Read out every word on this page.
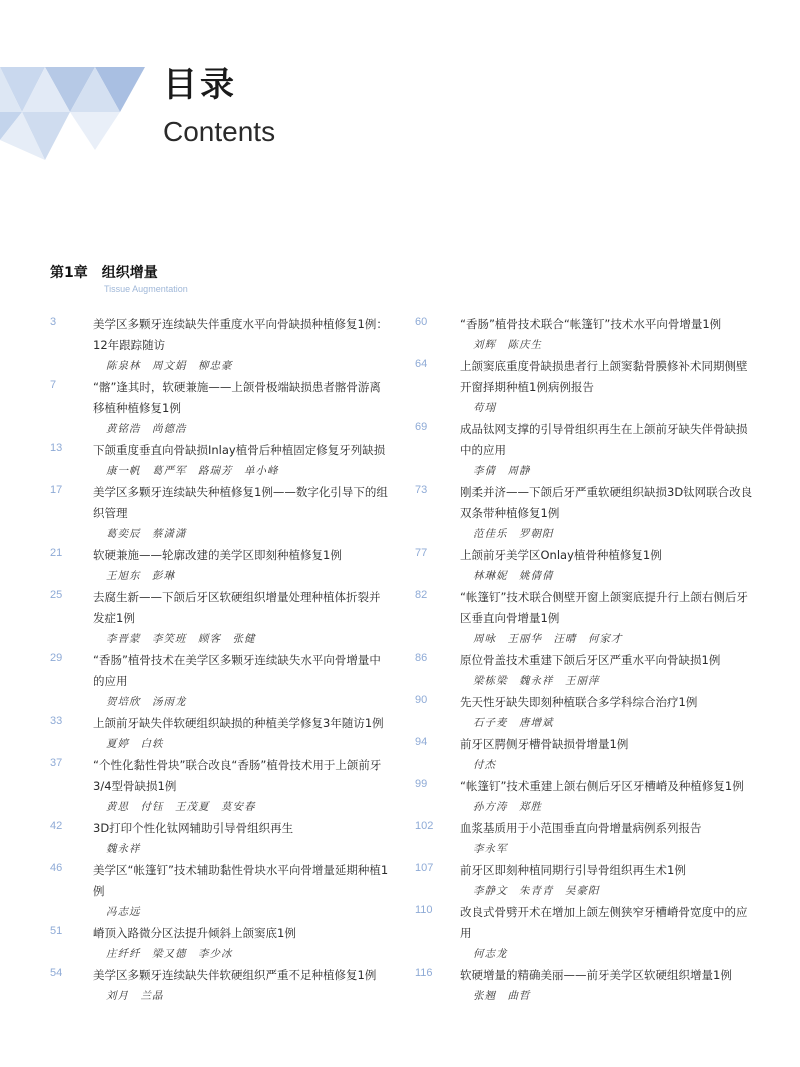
目录
Contents
第1章 组织增量
Tissue Augmentation
3	美学区多颗牙连续缺失伴重度水平向骨缺损种植修复1例：12年跟踪随访
陈泉林　周文娟　柳忠豪
7	“髂”逢其时，软硬兼施——上颌骨极端缺损患者髂骨游离移植种植修复1例
黄铭浩　尚德浩
13	下颌重度垂直向骨缺损Inlay植骨后种植固定修复牙列缺损
康一帆　葛严军　路瑞芳　单小峰
17	美学区多颗牙连续缺失种植修复1例——数字化引导下的组织管理
葛奕辰　蔡潇潇
21	软硬兼施——轮廓改建的美学区即刻种植修复1例
王旭东　彭琳
25	去腐生新——下颌后牙区软硬组织增量处理种植体折裂并发症1例
李晋蒙　李笑班　顾客　张健
29	“香肠”植骨技术在美学区多颗牙连续缺失水平向骨增量中的应用
贺培欣　汤雨龙
33	上颌前牙缺失伴软硬组织缺损的种植美学修复3年随访1例
夏婷　白轶
37	“个性化黏性骨块”联合改良“香肠”植骨技术用于上颌前牙3/4型骨缺损1例
黄思　付钰　王茂夏　莫安春
42	3D打印个性化钛网辅助引导骨组织再生
魏永祥
46	美学区“帐篷钉”技术辅助黏性骨块水平向骨增量延期种植1例
冯志远
51	嵴顶入路微分区法提升倾斜上颌窦底1例
庄纤纤　梁又德　李少冰
54	美学区多颗牙连续缺失伴软硬组织严重不足种植修复1例
刘月　兰晶
60	“香肠”植骨技术联合“帐篷钉”技术水平向骨增量1例
刘辉　陈庆生
64	上颌窦底重度骨缺损患者行上颌窦黏骨膜修补术同期侧壁开窗择期种植1例病例报告
苟珝
69	成品钛网支撑的引导骨组织再生在上颌前牙缺失伴骨缺损中的应用
李倩　周静
73	刚柔并济——下颌后牙严重软硬组织缺损3D钛网联合改良双条带种植修复1例
范佳乐　罗朝阳
77	上颌前牙美学区Onlay植骨种植修复1例
林琳妮　姚倩倩
82	“帐篷钉”技术联合侧壁开窗上颌窦底提升行上颌右侧后牙区垂直向骨增量1例
周咏　王丽华　汪晴　何家才
86	原位骨盖技术重建下颌后牙区严重水平向骨缺损1例
梁栋梁　魏永祥　王丽萍
90	先天性牙缺失即刻种植联合多学科综合治疗1例
石子麦　唐增斌
94	前牙区腭侧牙槽骨缺损骨增量1例
付杰
99	“帐篷钉”技术重建上颌右侧后牙区牙槽嵴及种植修复1例
孙方涛　郑胜
102	血浆基质用于小范围垂直向骨增量病例系列报告
李永军
107	前牙区即刻种植同期行引导骨组织再生术1例
李静文　朱青青　吴豪阳
110	改良式骨劈开术在增加上颌左侧狭窄牙槽嵴骨宽度中的应用
何志龙
116	软硬增量的精确美丽——前牙美学区软硬组织增量1例
张翘　曲哲
